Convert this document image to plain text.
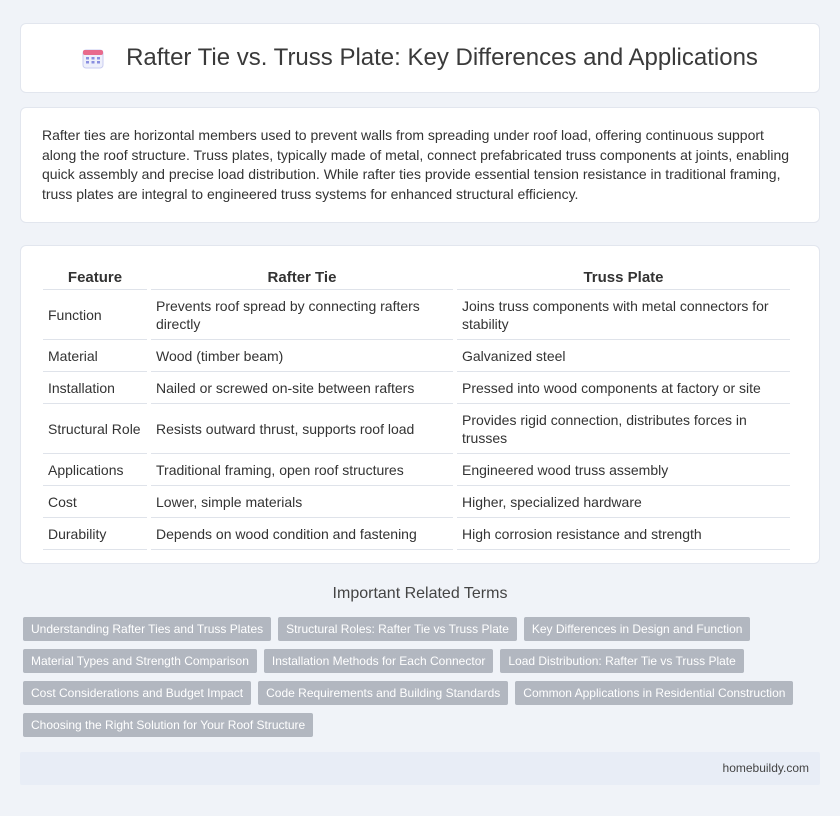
Rafter Tie vs. Truss Plate: Key Differences and Applications

Rafter ties are horizontal members used to prevent walls from spreading under roof load, offering continuous support along the roof structure. Truss plates, typically made of metal, connect prefabricated truss components at joints, enabling quick assembly and precise load distribution. While rafter ties provide essential tension resistance in traditional framing, truss plates are integral to engineered truss systems for enhanced structural efficiency.

Feature	Rafter Tie	Truss Plate
Function	Prevents roof spread by connecting rafters directly	Joins truss components with metal connectors for stability
Material	Wood (timber beam)	Galvanized steel
Installation	Nailed or screwed on-site between rafters	Pressed into wood components at factory or site
Structural Role	Resists outward thrust, supports roof load	Provides rigid connection, distributes forces in trusses
Applications	Traditional framing, open roof structures	Engineered wood truss assembly
Cost	Lower, simple materials	Higher, specialized hardware
Durability	Depends on wood condition and fastening	High corrosion resistance and strength
Important Related Terms
Understanding Rafter Ties and Truss Plates	Structural Roles: Rafter Tie vs Truss Plate	Key Differences in Design and Function
Material Types and Strength Comparison	Installation Methods for Each Connector	Load Distribution: Rafter Tie vs Truss Plate
Cost Considerations and Budget Impact	Code Requirements and Building Standards	Common Applications in Residential Construction
Choosing the Right Solution for Your Roof Structure
homebuildy.com
